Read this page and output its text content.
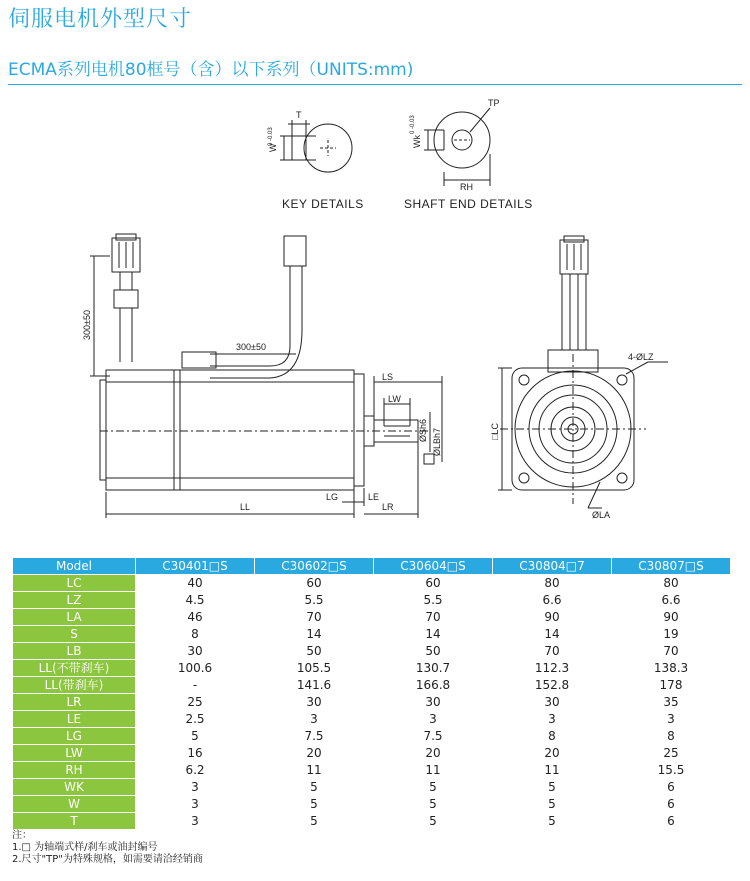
伺服电机外型尺寸
ECMA系列电机80框号（含）以下系列（UNITS:mm)
KEY DETAILS	SHAFT END DETAILS
T
W
0 -0.03
TP
RH
Wk
0 -0.03
300±50
300±50
LS
LW
ØSh6 ØLBh7
LG	LE
LL	LR
4-ØLZ
□LC
ØLA
Model	C30401□S	C30602□S	C30604□S	C30804□7	C30807□S
LC	40	60	60	80	80
LZ	4.5	5.5	5.5	6.6	6.6
LA	46	70	70	90	90
S	8	14	14	14	19
LB	30	50	50	70	70
LL(不带刹车)	100.6	105.5	130.7	112.3	138.3
LL(带刹车)	-	141.6	166.8	152.8	178
LR	25	30	30	30	35
LE	2.5	3	3	3	3
LG	5	7.5	7.5	8	8
LW	16	20	20	20	25
RH	6.2	11	11	11	15.5
WK	3	5	5	5	6
W	3	5	5	5	6
T	3	5	5	5	6
注：
1.□ 为轴端式样/刹车或油封编号
2.尺寸"TP"为特殊规格，如需要请洽经销商
